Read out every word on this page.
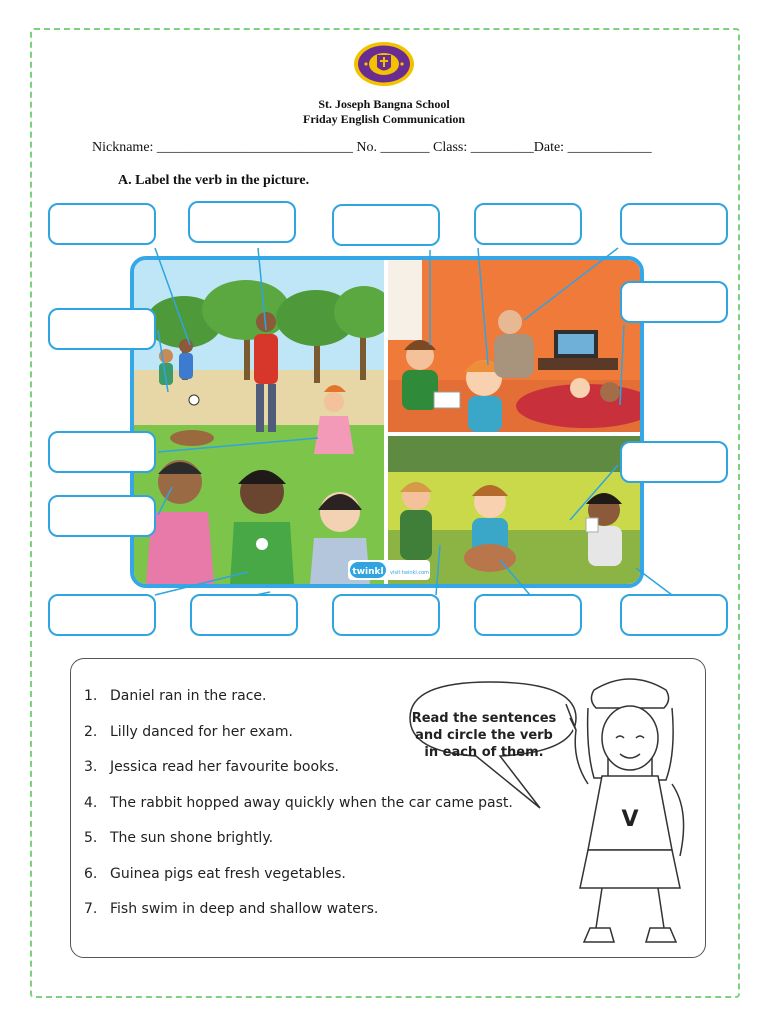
St. Joseph Bangna School
Friday English Communication
Nickname: ____________________________ No. _______ Class: _________Date: ____________
A. Label the verb in the picture.
twinkl visit twinkl.com
1. Daniel ran in the race.
2. Lilly danced for her exam.
3. Jessica read her favourite books.
4. The rabbit hopped away quickly when the car came past.
5. The sun shone brightly.
6. Guinea pigs eat fresh vegetables.
7. Fish swim in deep and shallow waters.
V
Read the sentences
and circle the verb
in each of them.
